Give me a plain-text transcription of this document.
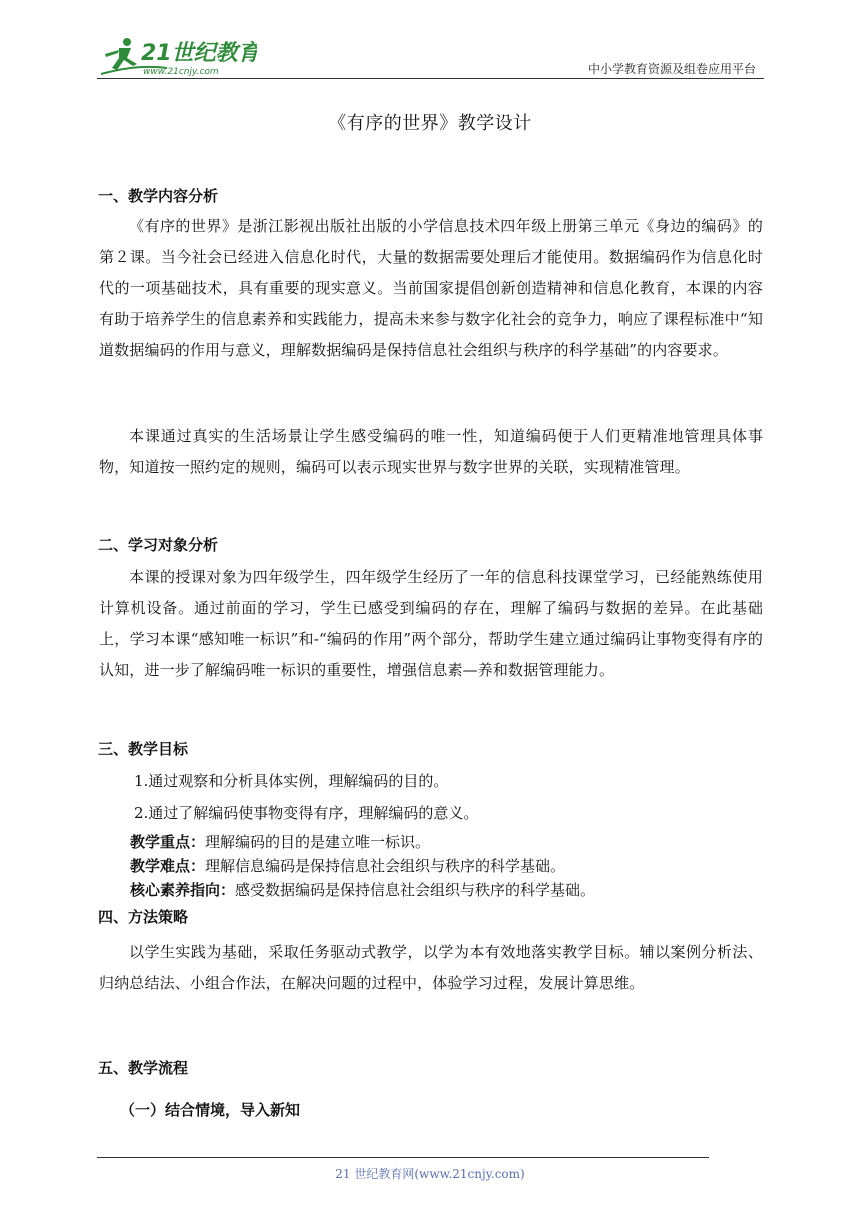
21世纪教育
www.21cnjy.com	中小学教育资源及组卷应用平台
《有序的世界》教学设计
一、教学内容分析
《有序的世界》是浙江影视出版社出版的小学信息技术四年级上册第三单元《身边的编码》的第２课。当今社会已经进入信息化时代，大量的数据需要处理后才能使用。数据编码作为信息化时代的一项基础技术，具有重要的现实意义。当前国家提倡创新创造精神和信息化教育，本课的内容有助于培养学生的信息素养和实践能力，提高未来参与数字化社会的竞争力，响应了课程标准中“知道数据编码的作用与意义，理解数据编码是保持信息社会组织与秩序的科学基础”的内容要求。
本课通过真实的生活场景让学生感受编码的唯一性，知道编码便于人们更精准地管理具体事物，知道按一照约定的规则，编码可以表示现实世界与数字世界的关联，实现精准管理。
二、学习对象分析
本课的授课对象为四年级学生，四年级学生经历了一年的信息科技课堂学习，已经能熟练使用计算机设备。通过前面的学习，学生已感受到编码的存在，理解了编码与数据的差异。在此基础上，学习本课“感知唯一标识”和-“编码的作用”两个部分，帮助学生建立通过编码让事物变得有序的认知，进一步了解编码唯一标识的重要性，增强信息素—养和数据管理能力。
三、教学目标
1.通过观察和分析具体实例，理解编码的目的。
2.通过了解编码使事物变得有序，理解编码的意义。
教学重点：理解编码的目的是建立唯一标识。
教学难点：理解信息编码是保持信息社会组织与秩序的科学基础。
核心素养指向：感受数据编码是保持信息社会组织与秩序的科学基础。
四、方法策略
以学生实践为基础，采取任务驱动式教学，以学为本有效地落实教学目标。辅以案例分析法、归纳总结法、小组合作法，在解决问题的过程中，体验学习过程，发展计算思维。
五、教学流程
（一）结合情境，导入新知
21 世纪教育网(www.21cnjy.com)
